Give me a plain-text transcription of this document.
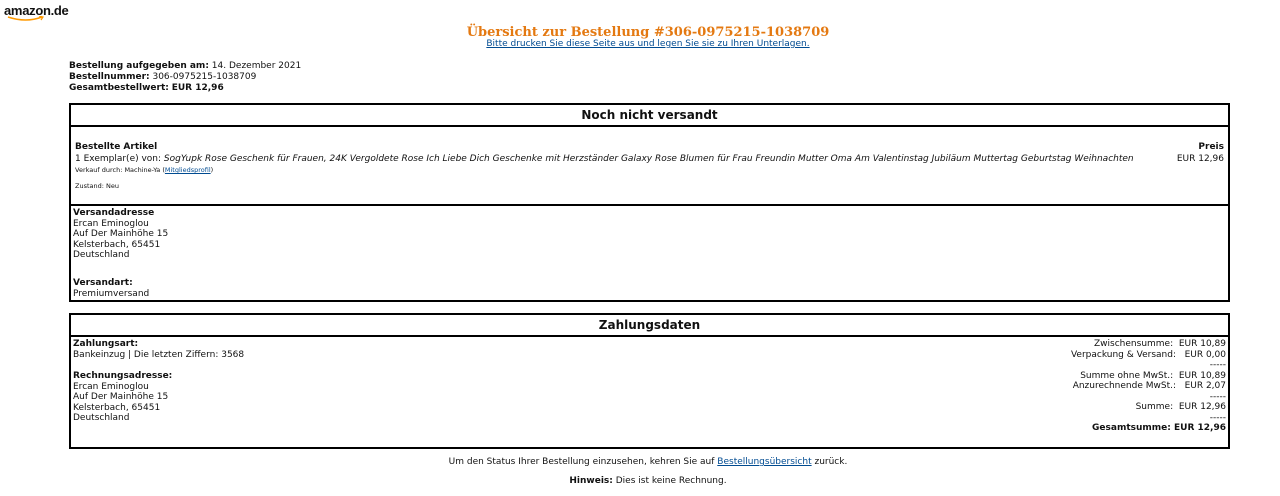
amazon.de
Übersicht zur Bestellung #306-0975215-1038709
Bitte drucken Sie diese Seite aus und legen Sie sie zu Ihren Unterlagen.
Bestellung aufgegeben am: 14. Dezember 2021
Bestellnummer: 306-0975215-1038709
Gesamtbestellwert: EUR 12,96
Noch nicht versandt
Bestellte Artikel	Preis
1 Exemplar(e) von: SogYupk Rose Geschenk für Frauen, 24K Vergoldete Rose Ich Liebe Dich Geschenke mit Herzständer Galaxy Rose Blumen für Frau Freundin Mutter Oma Am Valentinstag Jubiläum Muttertag Geburtstag Weihnachten	EUR 12,96
Verkauf durch: Machine-Ya (Mitgliedsprofil)
Zustand: Neu
Versandadresse
Ercan Eminoglou
Auf Der Mainhöhe 15
Kelsterbach, 65451
Deutschland
Versandart:
Premiumversand
Zahlungsdaten
Zahlungsart:
Bankeinzug | Die letzten Ziffern: 3568
Rechnungsadresse:
Ercan Eminoglou
Auf Der Mainhöhe 15
Kelsterbach, 65451
Deutschland
Zwischensumme:  EUR 10,89
Verpackung & Versand:   EUR 0,00
-----
Summe ohne MwSt.:  EUR 10,89
Anzurechnende MwSt.:   EUR 2,07
-----
Summe:  EUR 12,96
-----
Gesamtsumme: EUR 12,96
Um den Status Ihrer Bestellung einzusehen, kehren Sie auf Bestellungsübersicht zurück.
Hinweis: Dies ist keine Rechnung.
